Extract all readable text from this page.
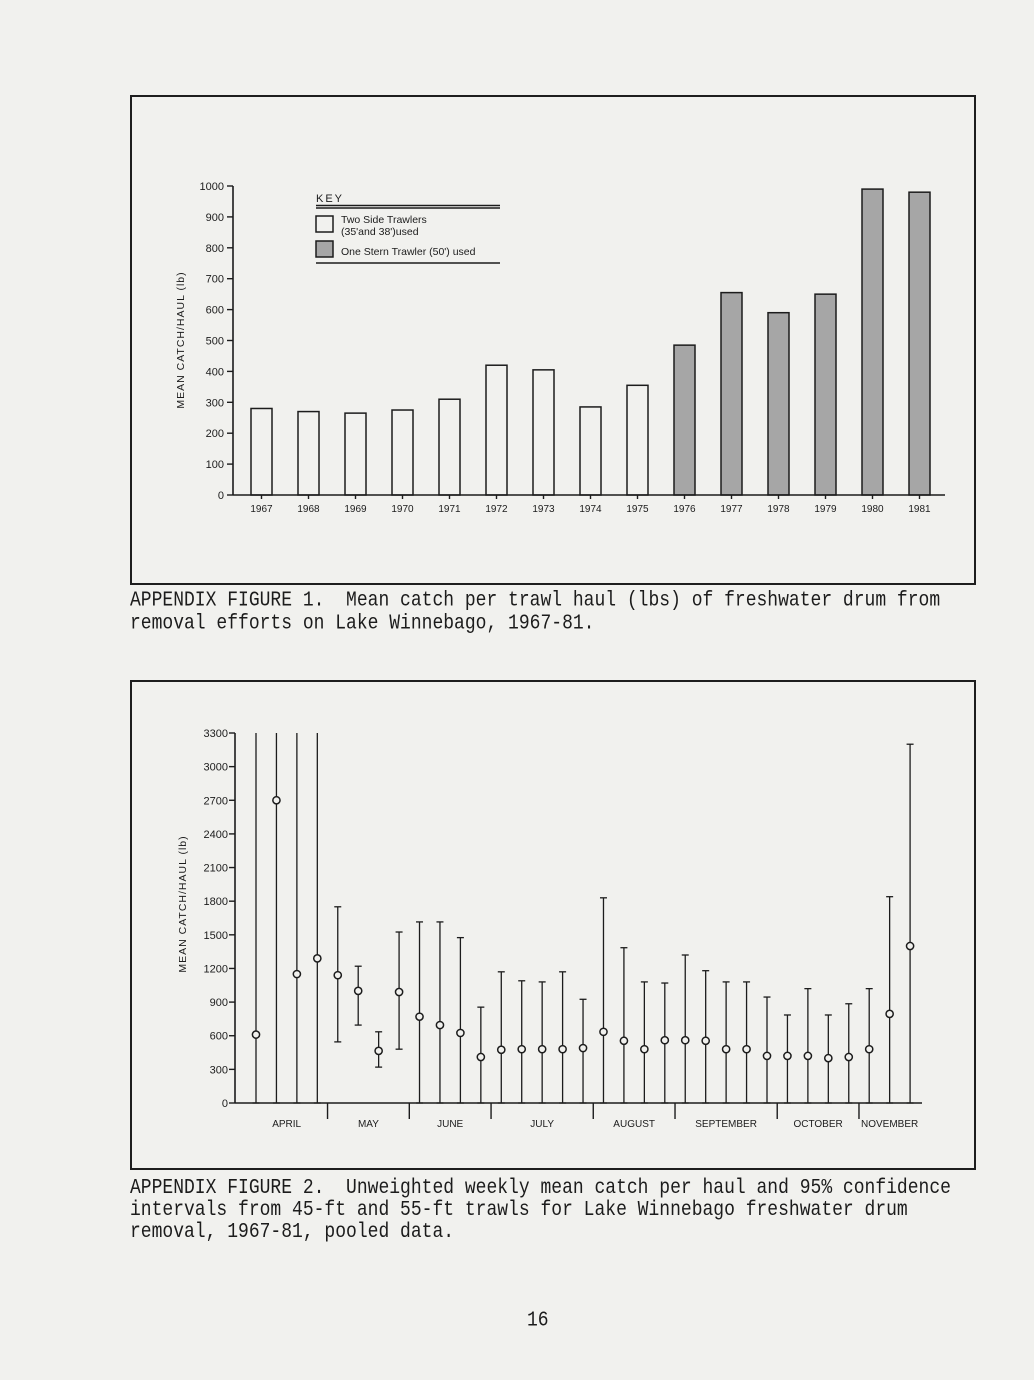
0
100
200
300
400
500
600
700
800
900
1000
1967 1968 1969 1970 1971 1972 1973 1974 1975 1976 1977 1978 1979 1980 1981
MEAN CATCH/HAUL (lb)
KEY
Two Side Trawlers
(35'and 38')used
One Stern Trawler (50') used
APPENDIX FIGURE 1.  Mean catch per trawl haul (lbs) of freshwater drum from
removal efforts on Lake Winnebago, 1967-81.
0
300
600
900
1200
1500
1800
2100
2400
2700
3000
3300
APRIL	MAY	JUNE	JULY	AUGUST	SEPTEMBER	OCTOBER NOVEMBER
MEAN CATCH/HAUL (lb)
APPENDIX FIGURE 2.  Unweighted weekly mean catch per haul and 95% confidence
intervals from 45-ft and 55-ft trawls for Lake Winnebago freshwater drum
removal, 1967-81, pooled data.
16
